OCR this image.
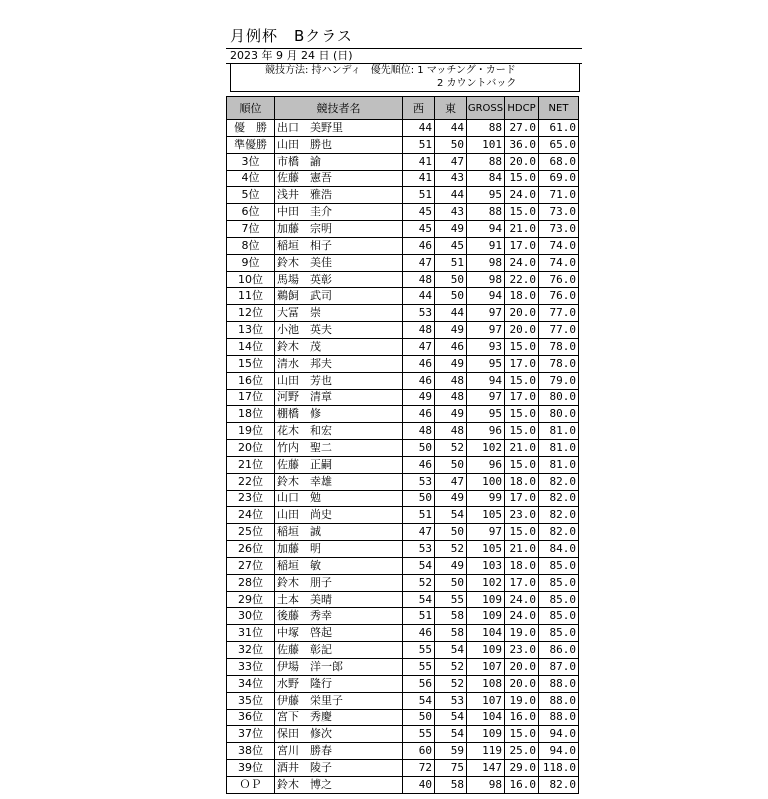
月例杯　Bクラス
2023 年 9 月 24 日 (日)
競技方法: 持ハンディ　優先順位: 1 マッチング・カード
2 カウントバック
順位	競技者名	西	東	GROSS	HDCP	NET
優　勝	出口　美野里	44	44	88	27.0	61.0
準優勝	山田　勝也	51	50	101	36.0	65.0
3位	市橋　諭	41	47	88	20.0	68.0
4位	佐藤　憲吾	41	43	84	15.0	69.0
5位	浅井　雅浩	51	44	95	24.0	71.0
6位	中田　圭介	45	43	88	15.0	73.0
7位	加藤　宗明	45	49	94	21.0	73.0
8位	稲垣　相子	46	45	91	17.0	74.0
9位	鈴木　美佳	47	51	98	24.0	74.0
10位	馬場　英彰	48	50	98	22.0	76.0
11位	鵜飼　武司	44	50	94	18.0	76.0
12位	大冨　崇	53	44	97	20.0	77.0
13位	小池　英夫	48	49	97	20.0	77.0
14位	鈴木　茂	47	46	93	15.0	78.0
15位	清水　邦夫	46	49	95	17.0	78.0
16位	山田　芳也	46	48	94	15.0	79.0
17位	河野　清章	49	48	97	17.0	80.0
18位	棚橋　修	46	49	95	15.0	80.0
19位	花木　和宏	48	48	96	15.0	81.0
20位	竹内　聖二	50	52	102	21.0	81.0
21位	佐藤　正嗣	46	50	96	15.0	81.0
22位	鈴木　幸雄	53	47	100	18.0	82.0
23位	山口　勉	50	49	99	17.0	82.0
24位	山田　尚史	51	54	105	23.0	82.0
25位	稲垣　誠	47	50	97	15.0	82.0
26位	加藤　明	53	52	105	21.0	84.0
27位	稲垣　敏	54	49	103	18.0	85.0
28位	鈴木　朋子	52	50	102	17.0	85.0
29位	土本　美晴	54	55	109	24.0	85.0
30位	後藤　秀幸	51	58	109	24.0	85.0
31位	中塚　啓起	46	58	104	19.0	85.0
32位	佐藤　彰記	55	54	109	23.0	86.0
33位	伊場　洋一郎	55	52	107	20.0	87.0
34位	水野　隆行	56	52	108	20.0	88.0
35位	伊藤　栄里子	54	53	107	19.0	88.0
36位	宮下　秀慶	50	54	104	16.0	88.0
37位	保田　修次	55	54	109	15.0	94.0
38位	宮川　勝春	60	59	119	25.0	94.0
39位	酒井　陵子	72	75	147	29.0	118.0
ＯＰ	鈴木　博之	40	58	98	16.0	82.0
